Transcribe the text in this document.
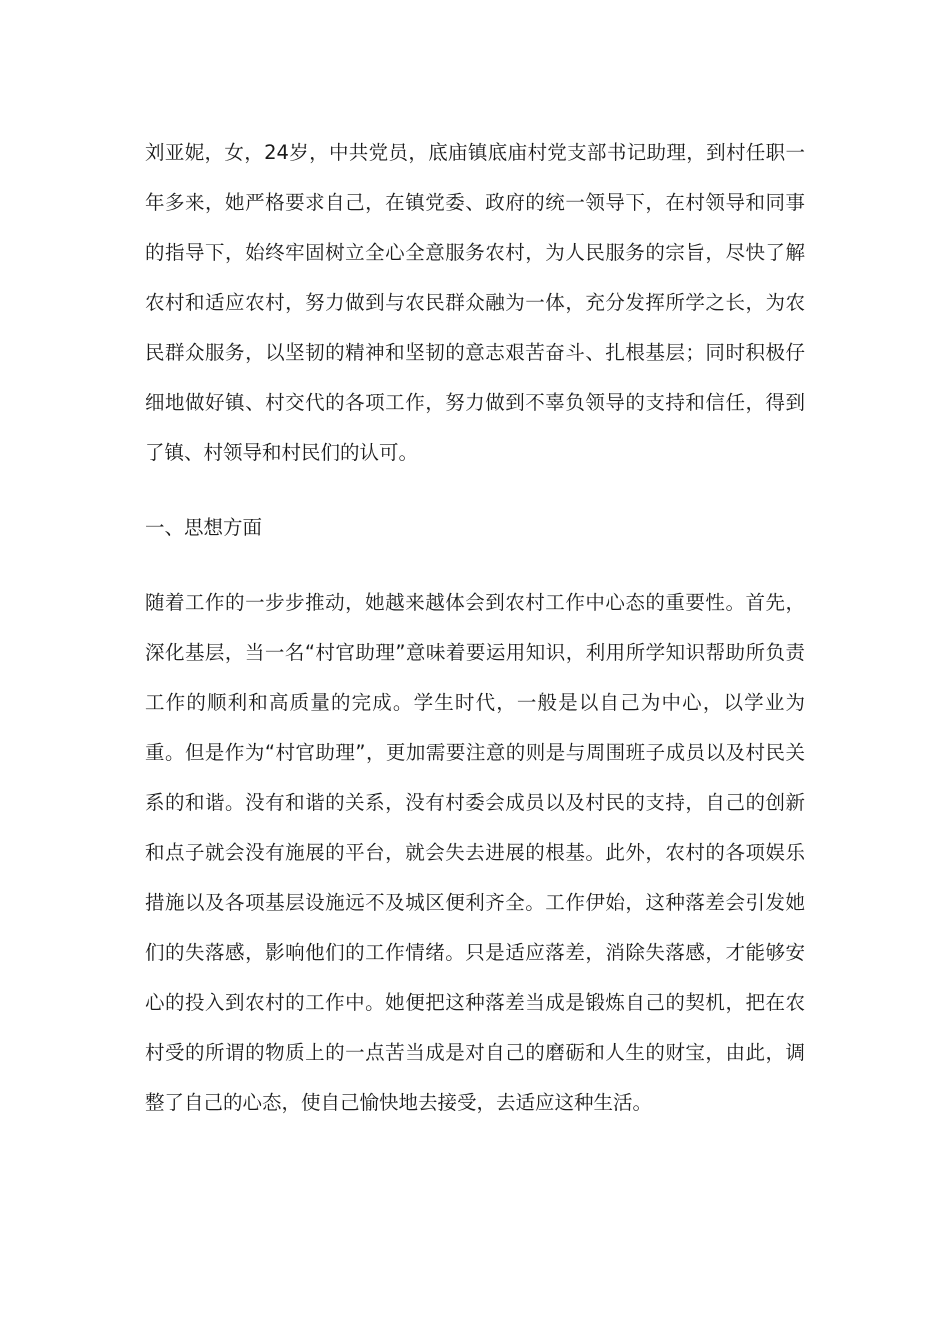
刘亚妮，女，24岁，中共党员，底庙镇底庙村党支部书记助理，到村任职一年多来，她严格要求自己，在镇党委、政府的统一领导下，在村领导和同事的指导下，始终牢固树立全心全意服务农村，为人民服务的宗旨，尽快了解农村和适应农村，努力做到与农民群众融为一体，充分发挥所学之长，为农民群众服务，以坚韧的精神和坚韧的意志艰苦奋斗、扎根基层；同时积极仔细地做好镇、村交代的各项工作，努力做到不辜负领导的支持和信任，得到了镇、村领导和村民们的认可。

一、思想方面

随着工作的一步步推动，她越来越体会到农村工作中心态的重要性。首先，深化基层，当一名“村官助理”意味着要运用知识，利用所学知识帮助所负责工作的顺利和高质量的完成。学生时代，一般是以自己为中心，以学业为重。但是作为“村官助理”，更加需要注意的则是与周围班子成员以及村民关系的和谐。没有和谐的关系，没有村委会成员以及村民的支持，自己的创新和点子就会没有施展的平台，就会失去进展的根基。此外，农村的各项娱乐措施以及各项基层设施远不及城区便利齐全。工作伊始，这种落差会引发她们的失落感，影响他们的工作情绪。只是适应落差，消除失落感，才能够安心的投入到农村的工作中。她便把这种落差当成是锻炼自己的契机，把在农村受的所谓的物质上的一点苦当成是对自己的磨砺和人生的财宝，由此，调整了自己的心态，使自己愉快地去接受，去适应这种生活。
